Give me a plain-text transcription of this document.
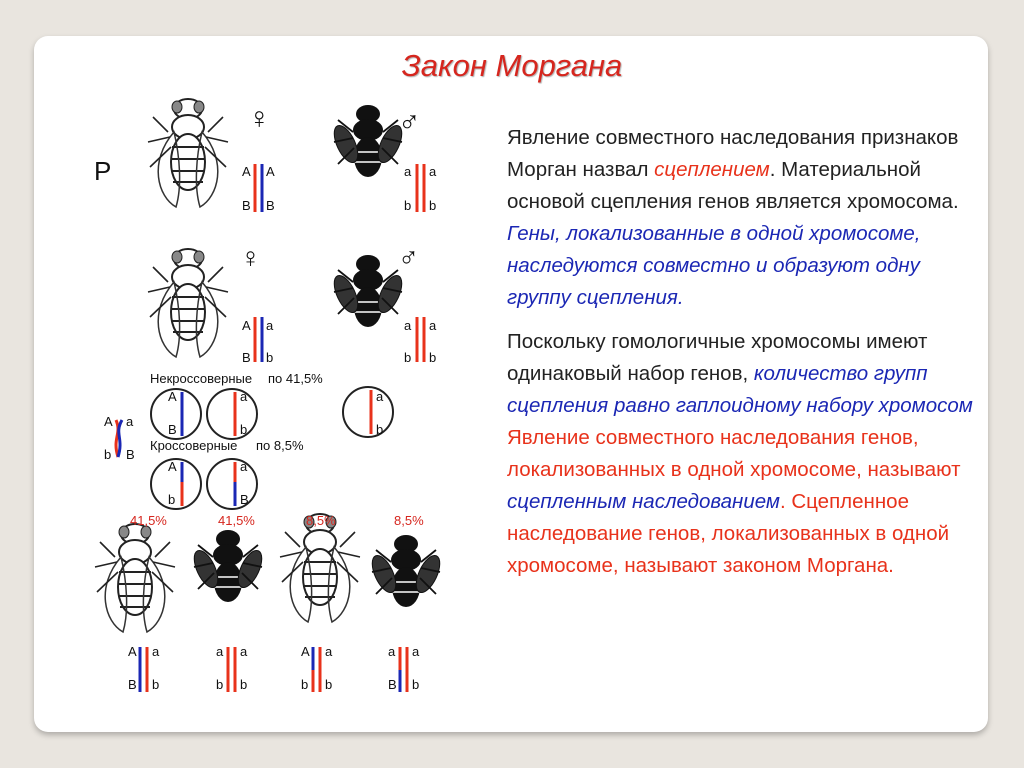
Закон Моргана
P
♀	♂
♀	♂
A A
B B
a a
b b
A a
B b
a a
b b
Некроссоверные по 41,5%
A
B
a
b
a
b
A a
b B
Кроссоверные по 8,5%
A
b
a
B
41,5%	41,5%	8,5%	8,5%
A a
B b
a a
b b
A a
b b
a a
B b

Явление совместного наследования признаков Морган назвал сцеплением. Материальной основой сцепления генов является хромосома. Гены, локализованные в одной хромосоме, наследуются совместно и образуют одну группу сцепления.

Поскольку гомологичные хромосомы имеют одинаковый набор генов, количество групп сцепления равно гаплоидному набору хромосом Явление совместного наследования генов, локализованных в одной хромосоме, называют сцепленным наследованием. Сцепленное наследование генов, локализованных в одной хромосоме, называют законом Моргана.
